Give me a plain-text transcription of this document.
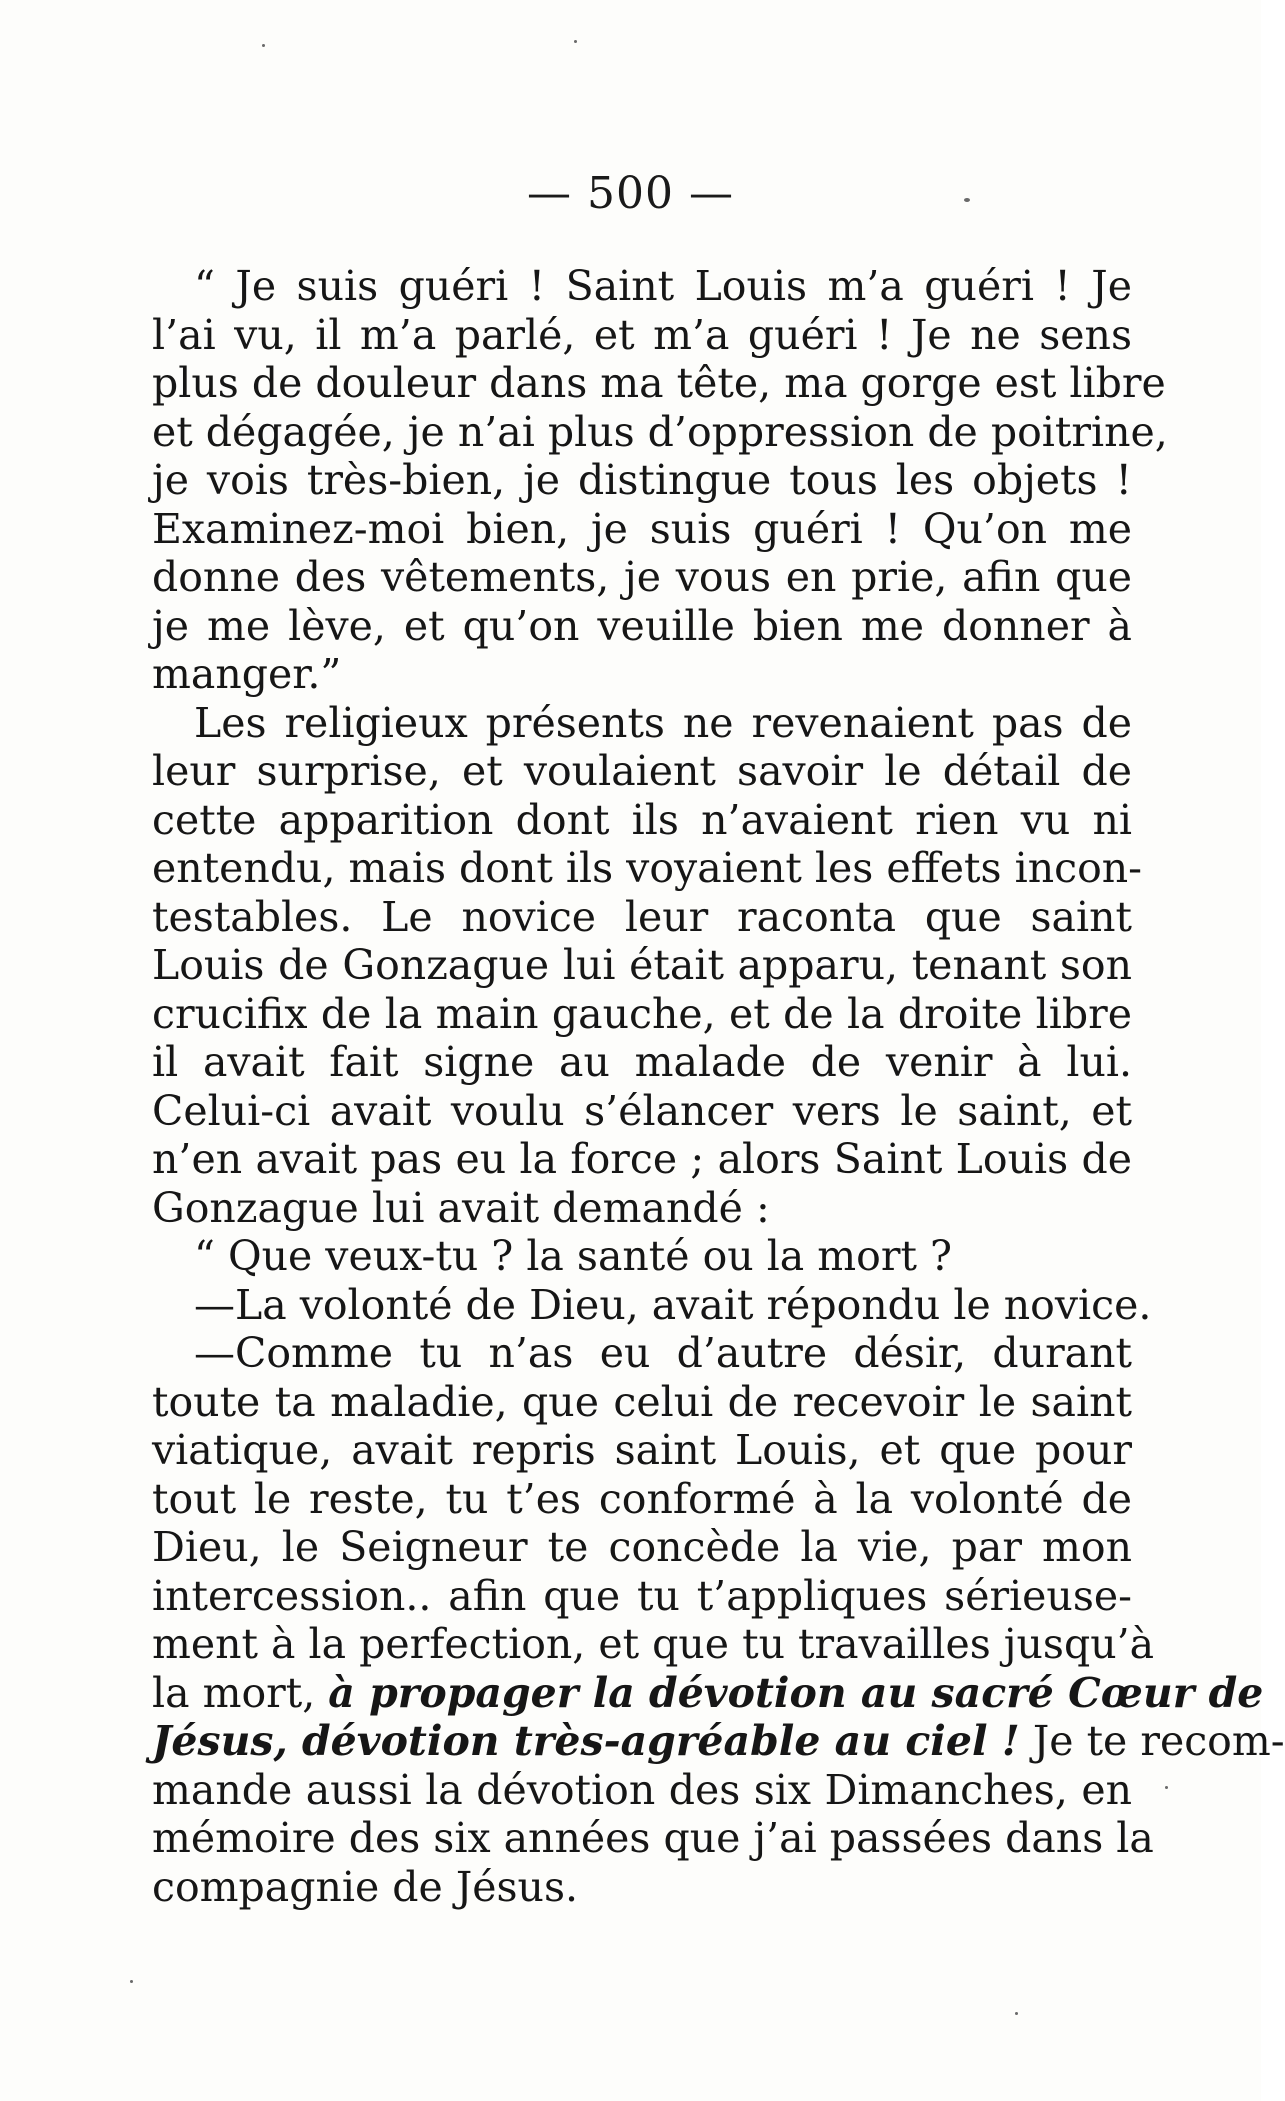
— 500 —
“ Je suis guéri ! Saint Louis m’a guéri ! Je
l’ai vu, il m’a parlé, et m’a guéri ! Je ne sens
plus de douleur dans ma tête, ma gorge est libre
et dégagée, je n’ai plus d’oppression de poitrine,
je vois très-bien, je distingue tous les objets !
Examinez-moi bien, je suis guéri ! Qu’on me
donne des vêtements, je vous en prie, afin que
je me lève, et qu’on veuille bien me donner à
manger.”
Les religieux présents ne revenaient pas de
leur surprise, et voulaient savoir le détail de
cette apparition dont ils n’avaient rien vu ni
entendu, mais dont ils voyaient les effets incon-
testables. Le novice leur raconta que saint
Louis de Gonzague lui était apparu, tenant son
crucifix de la main gauche, et de la droite libre
il avait fait signe au malade de venir à lui.
Celui-ci avait voulu s’élancer vers le saint, et
n’en avait pas eu la force ; alors Saint Louis de
Gonzague lui avait demandé :
“ Que veux-tu ? la santé ou la mort ?
—La volonté de Dieu, avait répondu le novice.
—Comme tu n’as eu d’autre désir, durant
toute ta maladie, que celui de recevoir le saint
viatique, avait repris saint Louis, et que pour
tout le reste, tu t’es conformé à la volonté de
Dieu, le Seigneur te concède la vie, par mon
intercession.. afin que tu t’appliques sérieuse-
ment à la perfection, et que tu travailles jusqu’à
la mort, à propager la dévotion au sacré Cœur de
Jésus, dévotion très-agréable au ciel ! Je te recom-
mande aussi la dévotion des six Dimanches, en
mémoire des six années que j’ai passées dans la
compagnie de Jésus.
